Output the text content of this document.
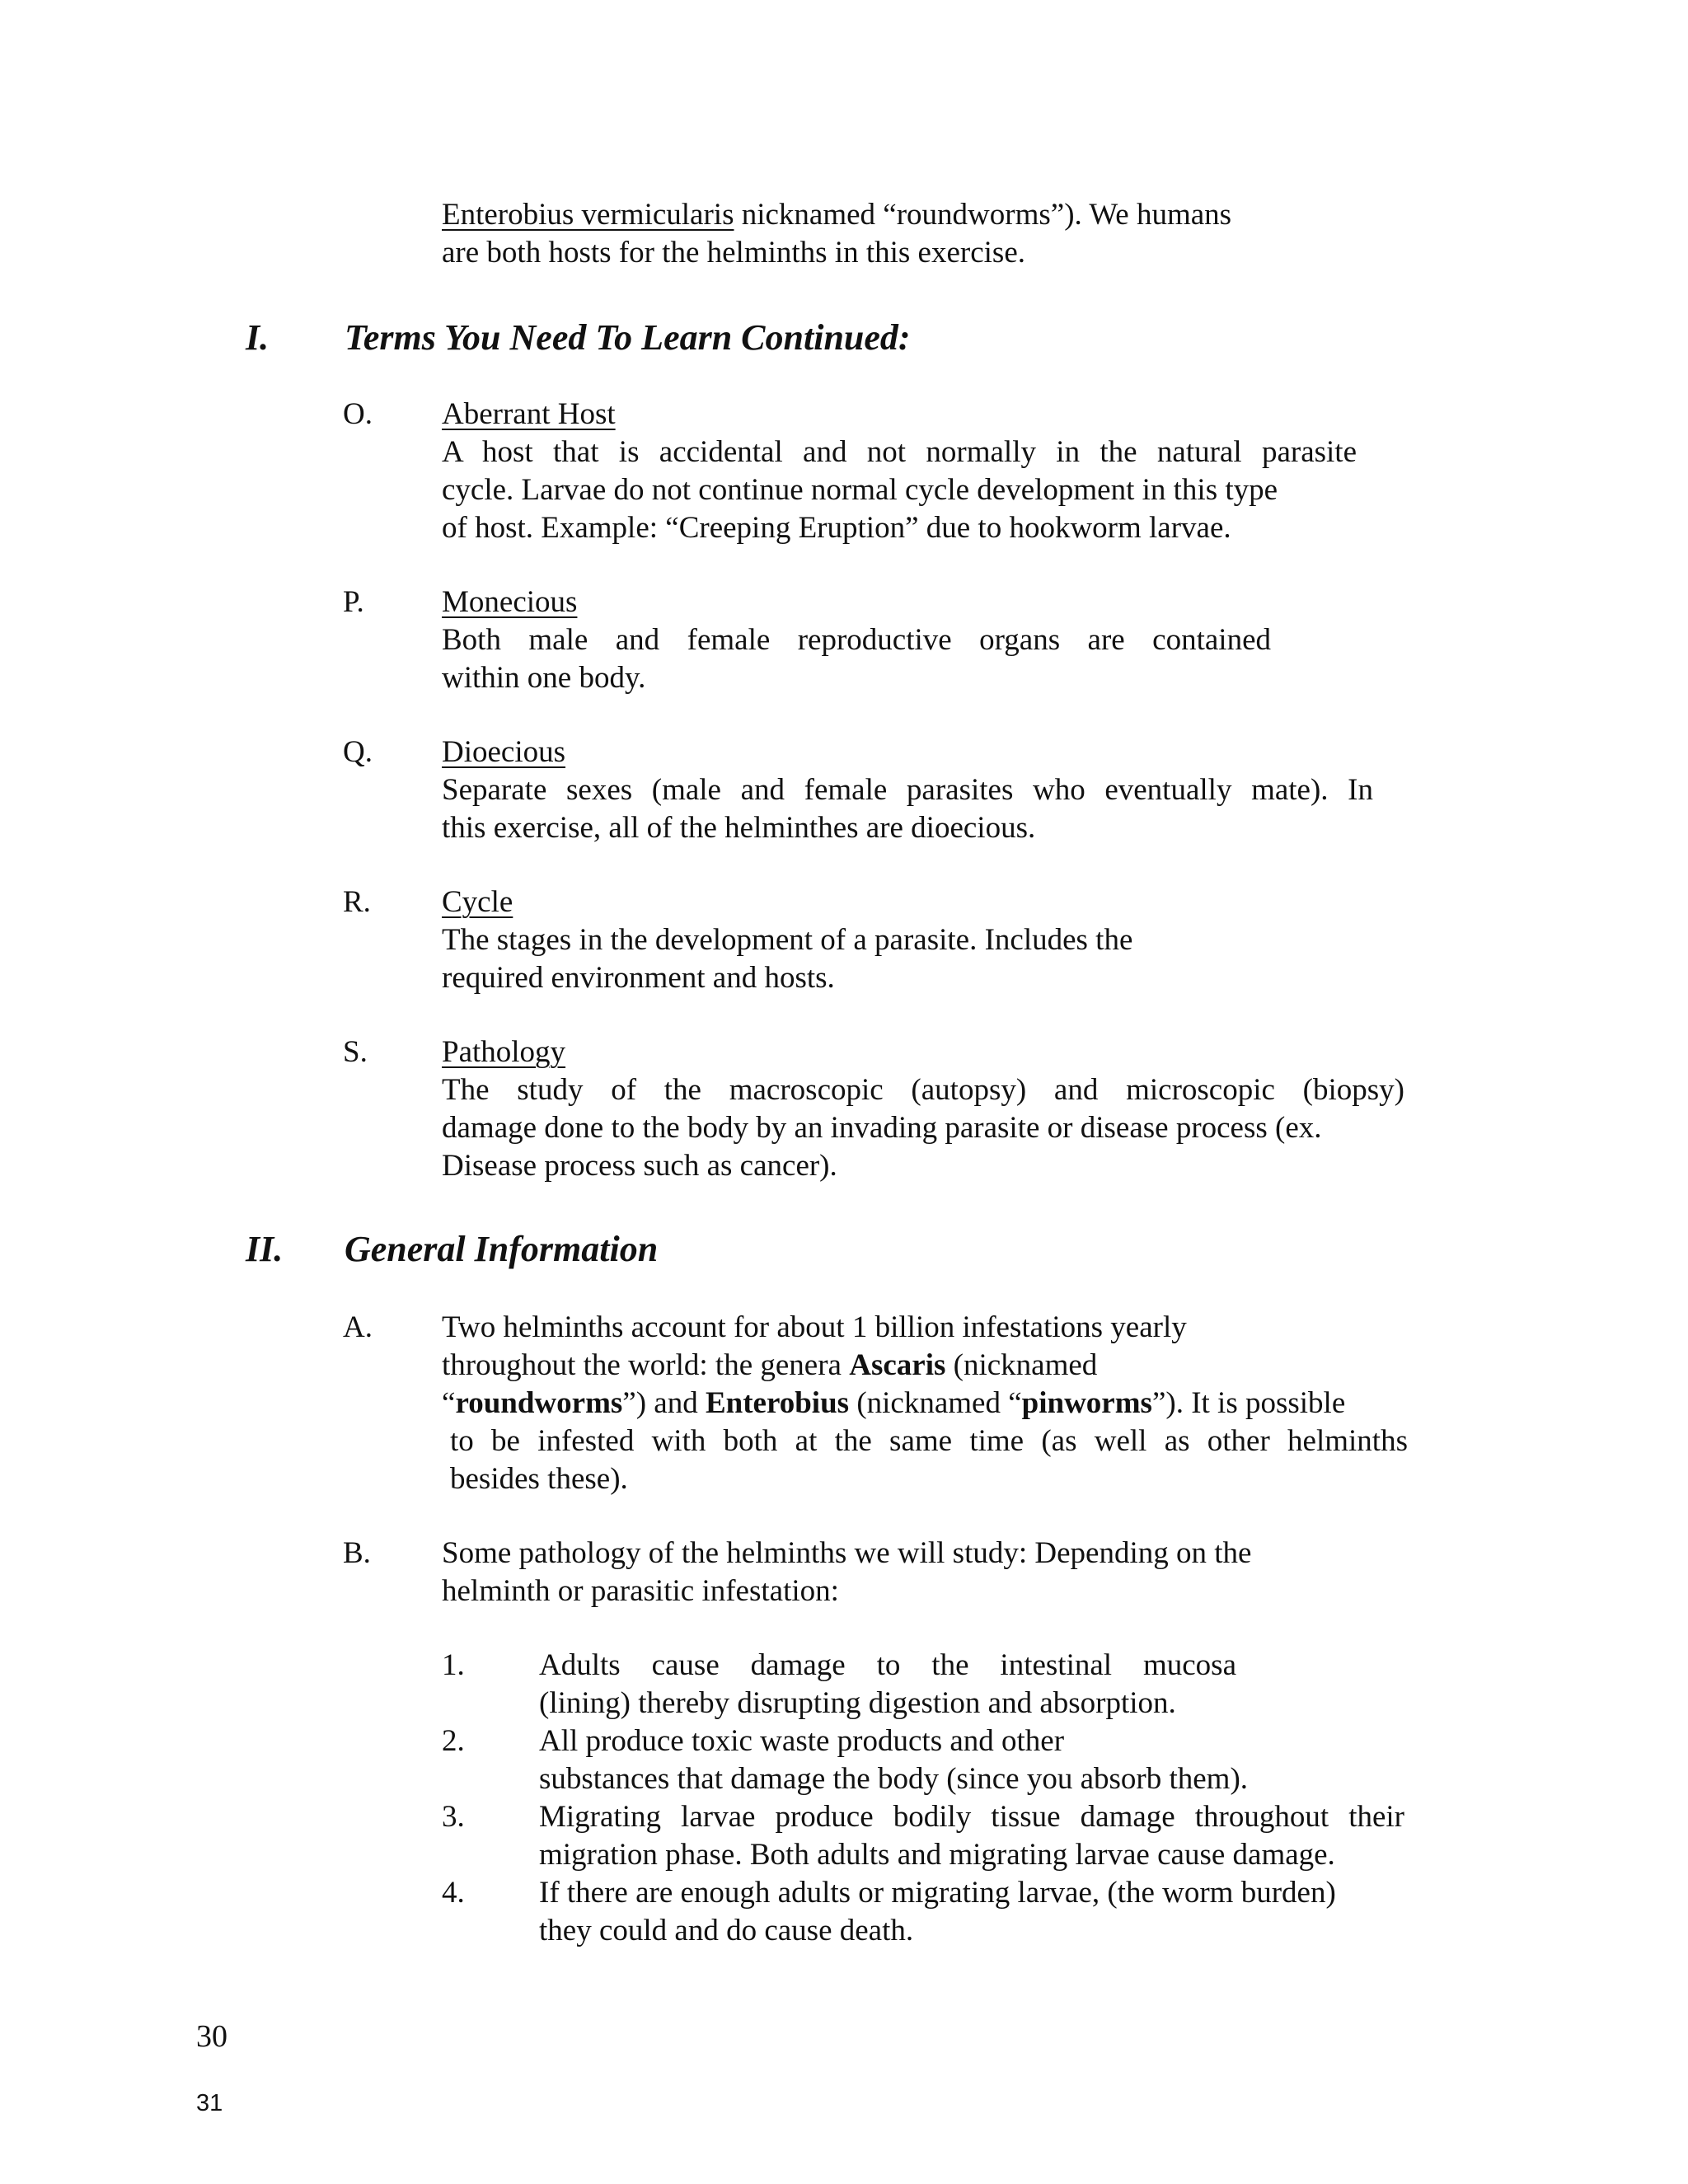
Enterobius vermicularis nicknamed “roundworms”). We humans
are both hosts for the helminths in this exercise.
I. Terms You Need To Learn Continued:
O. Aberrant Host
A host that is accidental and not normally in the natural parasite
cycle. Larvae do not continue normal cycle development in this type
of host. Example: “Creeping Eruption” due to hookworm larvae.
P.	Monecious
Both male and female reproductive organs are contained
within one body.
Q. Dioecious
Separate sexes (male and female parasites who eventually mate). In
this exercise, all of the helminthes are dioecious.
R. Cycle
The stages in the development of a parasite. Includes the
required environment and hosts.
S. Pathology
The study of the macroscopic (autopsy) and microscopic (biopsy)
damage done to the body by an invading parasite or disease process (ex.
Disease process such as cancer).
II. General Information
A. Two helminths account for about 1 billion infestations yearly
throughout the world: the genera Ascaris (nicknamed
“roundworms”) and Enterobius (nicknamed “pinworms”). It is possible
to be infested with both at the same time (as well as other helminths
besides these).
B. Some pathology of the helminths we will study: Depending on the
helminth or parasitic infestation:
1. Adults cause damage to the intestinal mucosa
(lining) thereby disrupting digestion and absorption.
2. All produce toxic waste products and other
substances that damage the body (since you absorb them).
3. Migrating larvae produce bodily tissue damage throughout their
migration phase. Both adults and migrating larvae cause damage.
4. If there are enough adults or migrating larvae, (the worm burden)
they could and do cause death.
30
31
